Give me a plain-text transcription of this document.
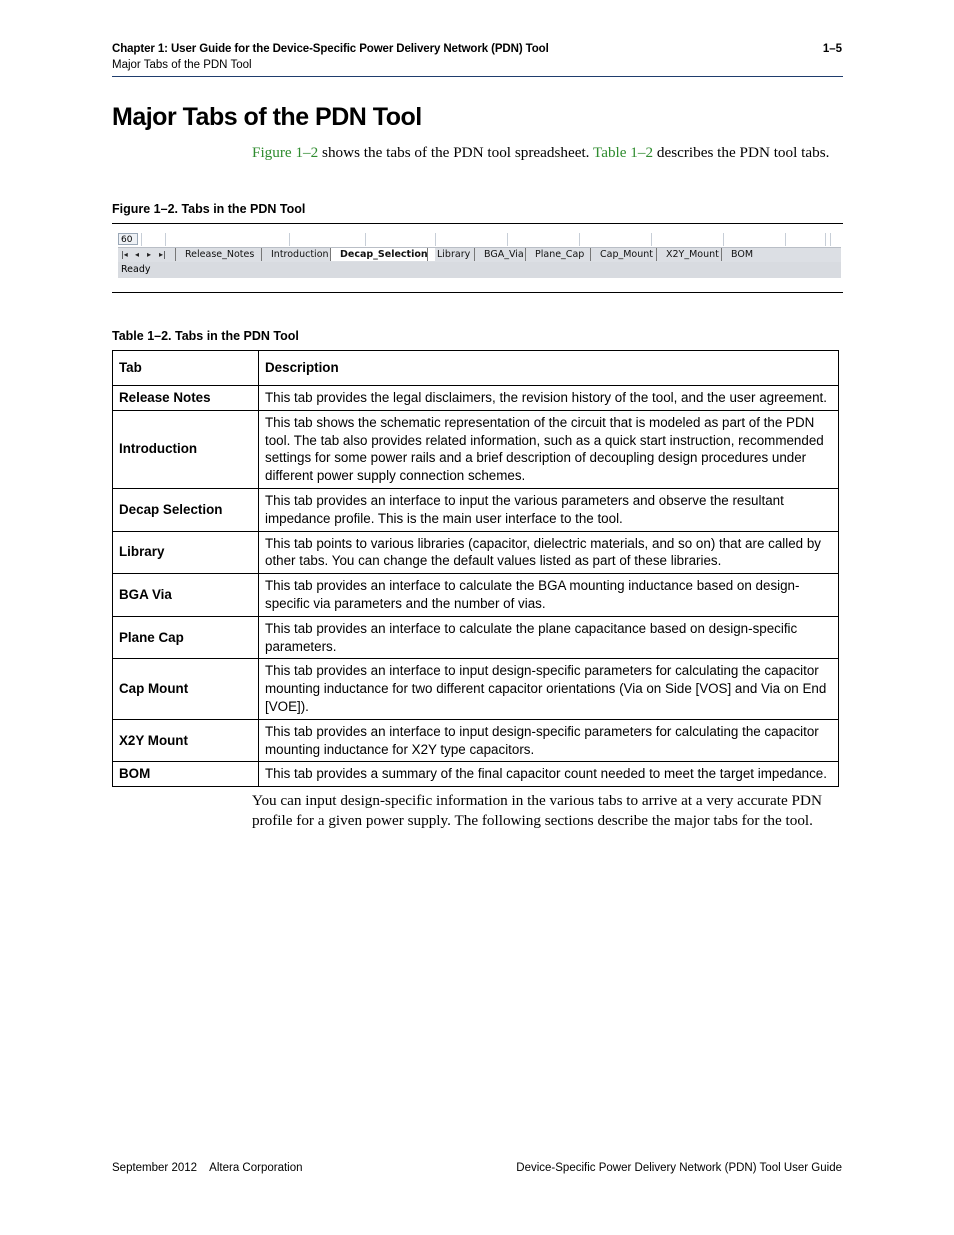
Chapter 1: User Guide for the Device-Specific Power Delivery Network (PDN) Tool	1–5
Major Tabs of the PDN Tool
Major Tabs of the PDN Tool

Figure 1–2 shows the tabs of the PDN tool spreadsheet. Table 1–2 describes the PDN tool tabs.

Figure 1–2. Tabs in the PDN Tool
60
|◂ ◂ ▸ ▸|	Release_Notes	Introduction	Decap_Selection Library	BGA_Via	Plane_Cap	Cap_Mount	X2Y_Mount	BOM
Ready
Table 1–2. Tabs in the PDN Tool
Tab	Description
Release Notes	This tab provides the legal disclaimers, the revision history of the tool, and the user agreement.
Introduction	This tab shows the schematic representation of the circuit that is modeled as part of the PDN tool. The tab also provides related information, such as a quick start instruction, recommended settings for some power rails and a brief description of decoupling design procedures under different power supply connection schemes.
Decap Selection	This tab provides an interface to input the various parameters and observe the resultant impedance profile. This is the main user interface to the tool.
Library	This tab points to various libraries (capacitor, dielectric materials, and so on) that are called by other tabs. You can change the default values listed as part of these libraries.
BGA Via	This tab provides an interface to calculate the BGA mounting inductance based on design-specific via parameters and the number of vias.
Plane Cap	This tab provides an interface to calculate the plane capacitance based on design-specific parameters.
Cap Mount	This tab provides an interface to input design-specific parameters for calculating the capacitor mounting inductance for two different capacitor orientations (Via on Side [VOS] and Via on End [VOE]).
X2Y Mount	This tab provides an interface to input design-specific parameters for calculating the capacitor mounting inductance for X2Y type capacitors.
BOM	This tab provides a summary of the final capacitor count needed to meet the target impedance.

You can input design-specific information in the various tabs to arrive at a very accurate PDN profile for a given power supply. The following sections describe the major tabs for the tool.

September 2012    Altera Corporation	Device-Specific Power Delivery Network (PDN) Tool User Guide
